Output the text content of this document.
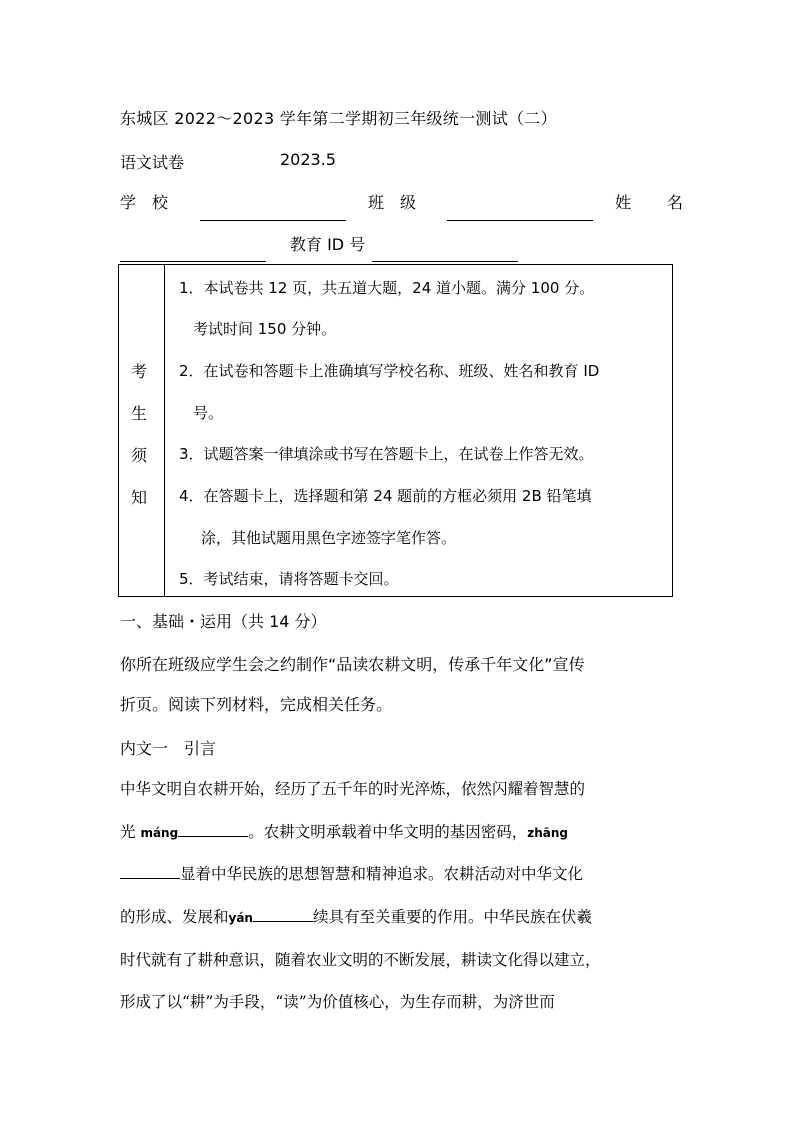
东城区 2022～2023 学年第二学期初三年级统一测试（二）
语文试卷	2023.5
学　校	班　级	姓　名
教育 ID 号
考
生
须
知

1．本试卷共 12 页，共五道大题，24 道小题。满分 100 分。
考试时间 150 分钟。
2．在试卷和答题卡上准确填写学校名称、班级、姓名和教育 ID
号。
3．试题答案一律填涂或书写在答题卡上，在试卷上作答无效。
4．在答题卡上，选择题和第 24 题前的方框必须用 2B 铅笔填
涂，其他试题用黑色字迹签字笔作答。
5．考试结束，请将答题卡交回。
一、基础・运用（共 14 分）
你所在班级应学生会之约制作“品读农耕文明，传承千年文化”宣传
折页。阅读下列材料，完成相关任务。
内文一　引言
中华文明自农耕开始，经历了五千年的时光淬炼，依然闪耀着智慧的
光 máng	。农耕文明承载着中华文明的基因密码，zhāng
显着中华民族的思想智慧和精神追求。农耕活动对中华文化
的形成、发展和yán	续具有至关重要的作用。中华民族在伏羲
时代就有了耕种意识，随着农业文明的不断发展，耕读文化得以建立，
形成了以“耕”为手段，“读”为价值核心，为生存而耕，为济世而
